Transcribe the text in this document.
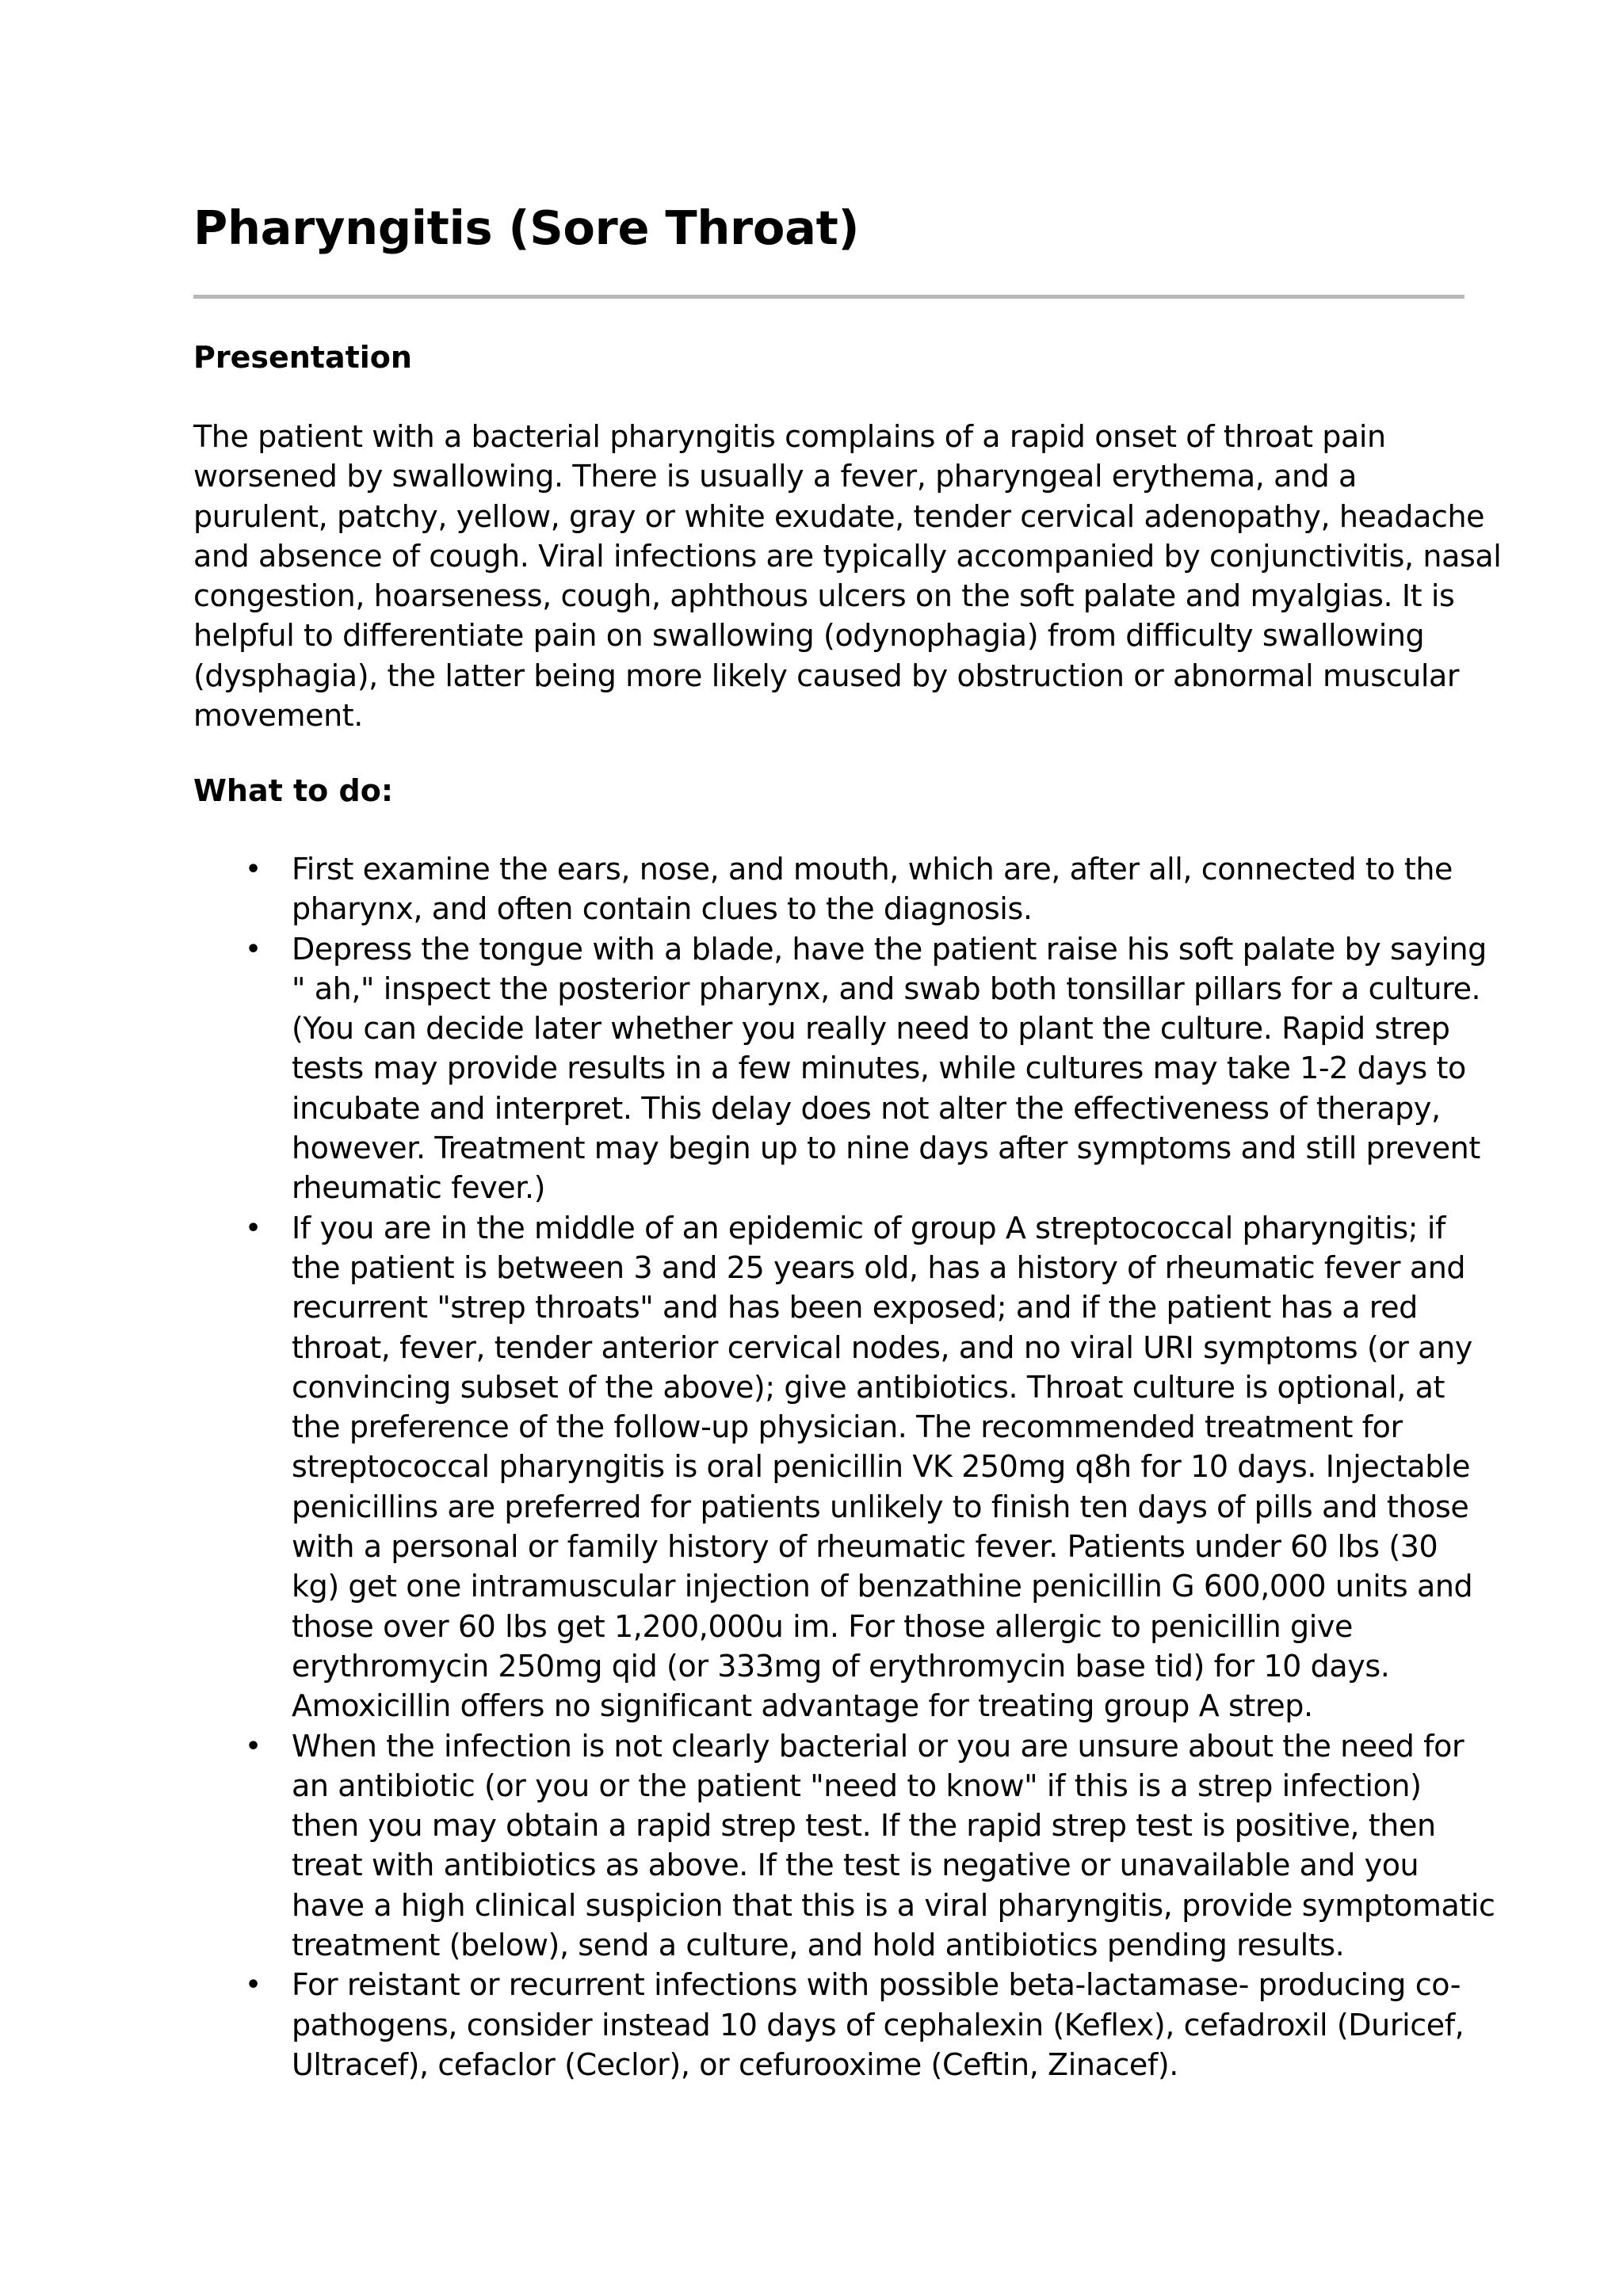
Pharyngitis (Sore Throat)
Presentation

The patient with a bacterial pharyngitis complains of a rapid onset of throat pain
worsened by swallowing. There is usually a fever, pharyngeal erythema, and a
purulent, patchy, yellow, gray or white exudate, tender cervical adenopathy, headache
and absence of cough. Viral infections are typically accompanied by conjunctivitis, nasal
congestion, hoarseness, cough, aphthous ulcers on the soft palate and myalgias. It is
helpful to differentiate pain on swallowing (odynophagia) from difficulty swallowing
(dysphagia), the latter being more likely caused by obstruction or abnormal muscular
movement.

What to do:
• First examine the ears, nose, and mouth, which are, after all, connected to the
pharynx, and often contain clues to the diagnosis.
• Depress the tongue with a blade, have the patient raise his soft palate by saying
" ah," inspect the posterior pharynx, and swab both tonsillar pillars for a culture.
(You can decide later whether you really need to plant the culture. Rapid strep
tests may provide results in a few minutes, while cultures may take 1-2 days to
incubate and interpret. This delay does not alter the effectiveness of therapy,
however. Treatment may begin up to nine days after symptoms and still prevent
rheumatic fever.)
• If you are in the middle of an epidemic of group A streptococcal pharyngitis; if
the patient is between 3 and 25 years old, has a history of rheumatic fever and
recurrent "strep throats" and has been exposed; and if the patient has a red
throat, fever, tender anterior cervical nodes, and no viral URI symptoms (or any
convincing subset of the above); give antibiotics. Throat culture is optional, at
the preference of the follow-up physician. The recommended treatment for
streptococcal pharyngitis is oral penicillin VK 250mg q8h for 10 days. Injectable
penicillins are preferred for patients unlikely to finish ten days of pills and those
with a personal or family history of rheumatic fever. Patients under 60 lbs (30
kg) get one intramuscular injection of benzathine penicillin G 600,000 units and
those over 60 lbs get 1,200,000u im. For those allergic to penicillin give
erythromycin 250mg qid (or 333mg of erythromycin base tid) for 10 days.
Amoxicillin offers no significant advantage for treating group A strep.
• When the infection is not clearly bacterial or you are unsure about the need for
an antibiotic (or you or the patient "need to know" if this is a strep infection)
then you may obtain a rapid strep test. If the rapid strep test is positive, then
treat with antibiotics as above. If the test is negative or unavailable and you
have a high clinical suspicion that this is a viral pharyngitis, provide symptomatic
treatment (below), send a culture, and hold antibiotics pending results.
• For reistant or recurrent infections with possible beta-lactamase- producing co-
pathogens, consider instead 10 days of cephalexin (Keflex), cefadroxil (Duricef,
Ultracef), cefaclor (Ceclor), or cefurooxime (Ceftin, Zinacef).
